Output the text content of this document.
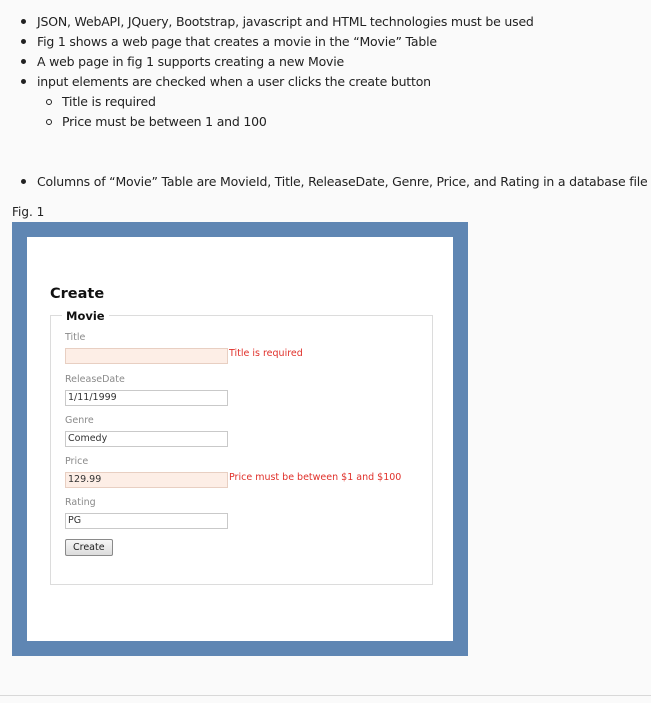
JSON, WebAPI, JQuery, Bootstrap, javascript and HTML technologies must be used
Fig 1 shows a web page that creates a movie in the “Movie” Table
A web page in fig 1 supports creating a new Movie
input elements are checked when a user clicks the create button
Title is required
Price must be between 1 and 100
Columns of “Movie” Table are MovieId, Title, ReleaseDate, Genre, Price, and Rating in a database file
Fig. 1
Create
Movie
Title
Title is required
ReleaseDate
1/11/1999
Genre
Comedy
Price
129.99	Price must be between $1 and $100
Rating
PG
Create
